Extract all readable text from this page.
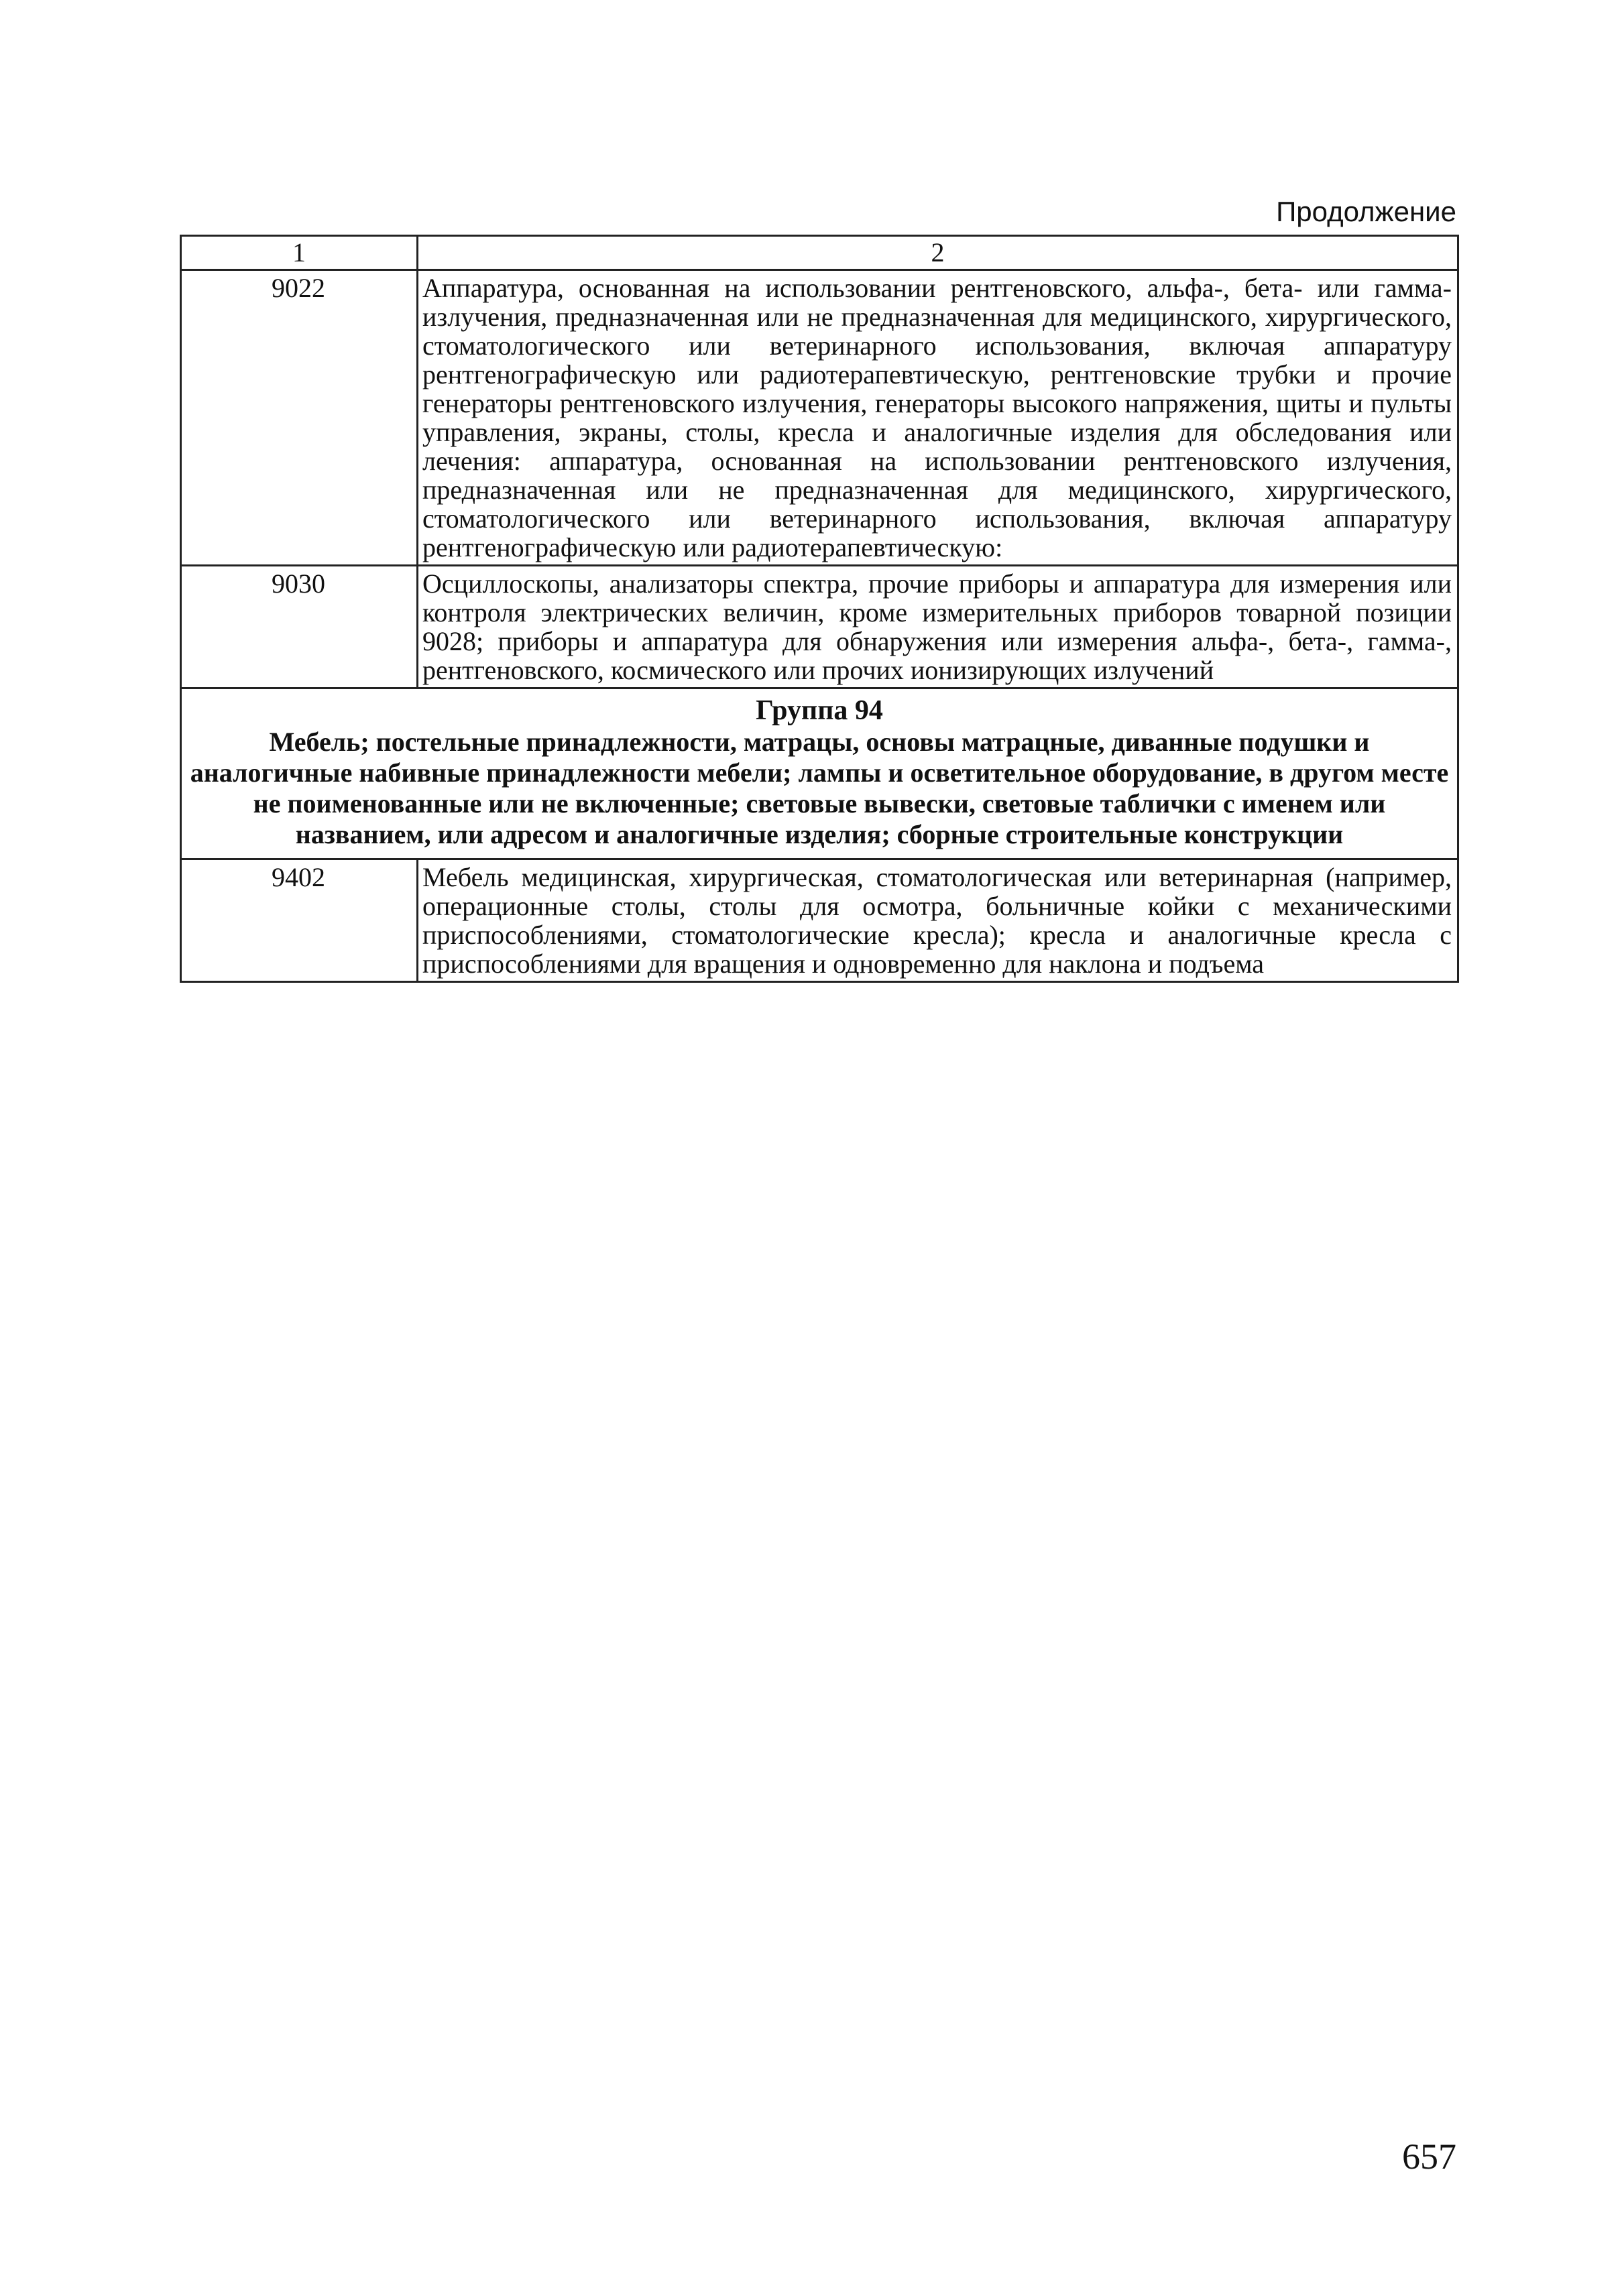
Продолжение
1	2
9022	Аппаратура, основанная на использовании рентгеновского, альфа-, бета- или гамма-излучения, предназначенная или не предназначенная для медицинского, хирургического, стоматологического или ветеринарного использования, включая аппаратуру рентгенографическую или радиотерапевтическую, рентгеновские трубки и прочие генераторы рентгеновского излучения, генераторы высокого напряжения, щиты и пульты управления, экраны, столы, кресла и аналогичные изделия для обследования или лечения: аппаратура, основанная на использовании рентгеновского излучения, предназначенная или не предназначенная для медицинского, хирургического, стоматологического или ветеринарного использования, включая аппаратуру рентгенографическую или радиотерапевтическую:
9030	Осциллоскопы, анализаторы спектра, прочие приборы и аппаратура для измерения или контроля электрических величин, кроме измерительных приборов товарной позиции 9028; приборы и аппаратура для обнаружения или измерения альфа-, бета-, гамма-, рентгеновского, космического или прочих ионизирующих излучений

Группа 94
Мебель; постельные принадлежности, матрацы, основы матрацные, диванные подушки и аналогичные набивные принадлежности мебели; лампы и осветительное оборудование, в другом месте не поименованные или не включенные; световые вывески, световые таблички с именем или названием, или адресом и аналогичные изделия; сборные строительные конструкции	

9402	Мебель медицинская, хирургическая, стоматологическая или ветеринарная (например, операционные столы, столы для осмотра, больничные койки с механическими приспособлениями, стоматологические кресла); кресла и аналогичные кресла с приспособлениями для вращения и одновременно для наклона и подъема
657
